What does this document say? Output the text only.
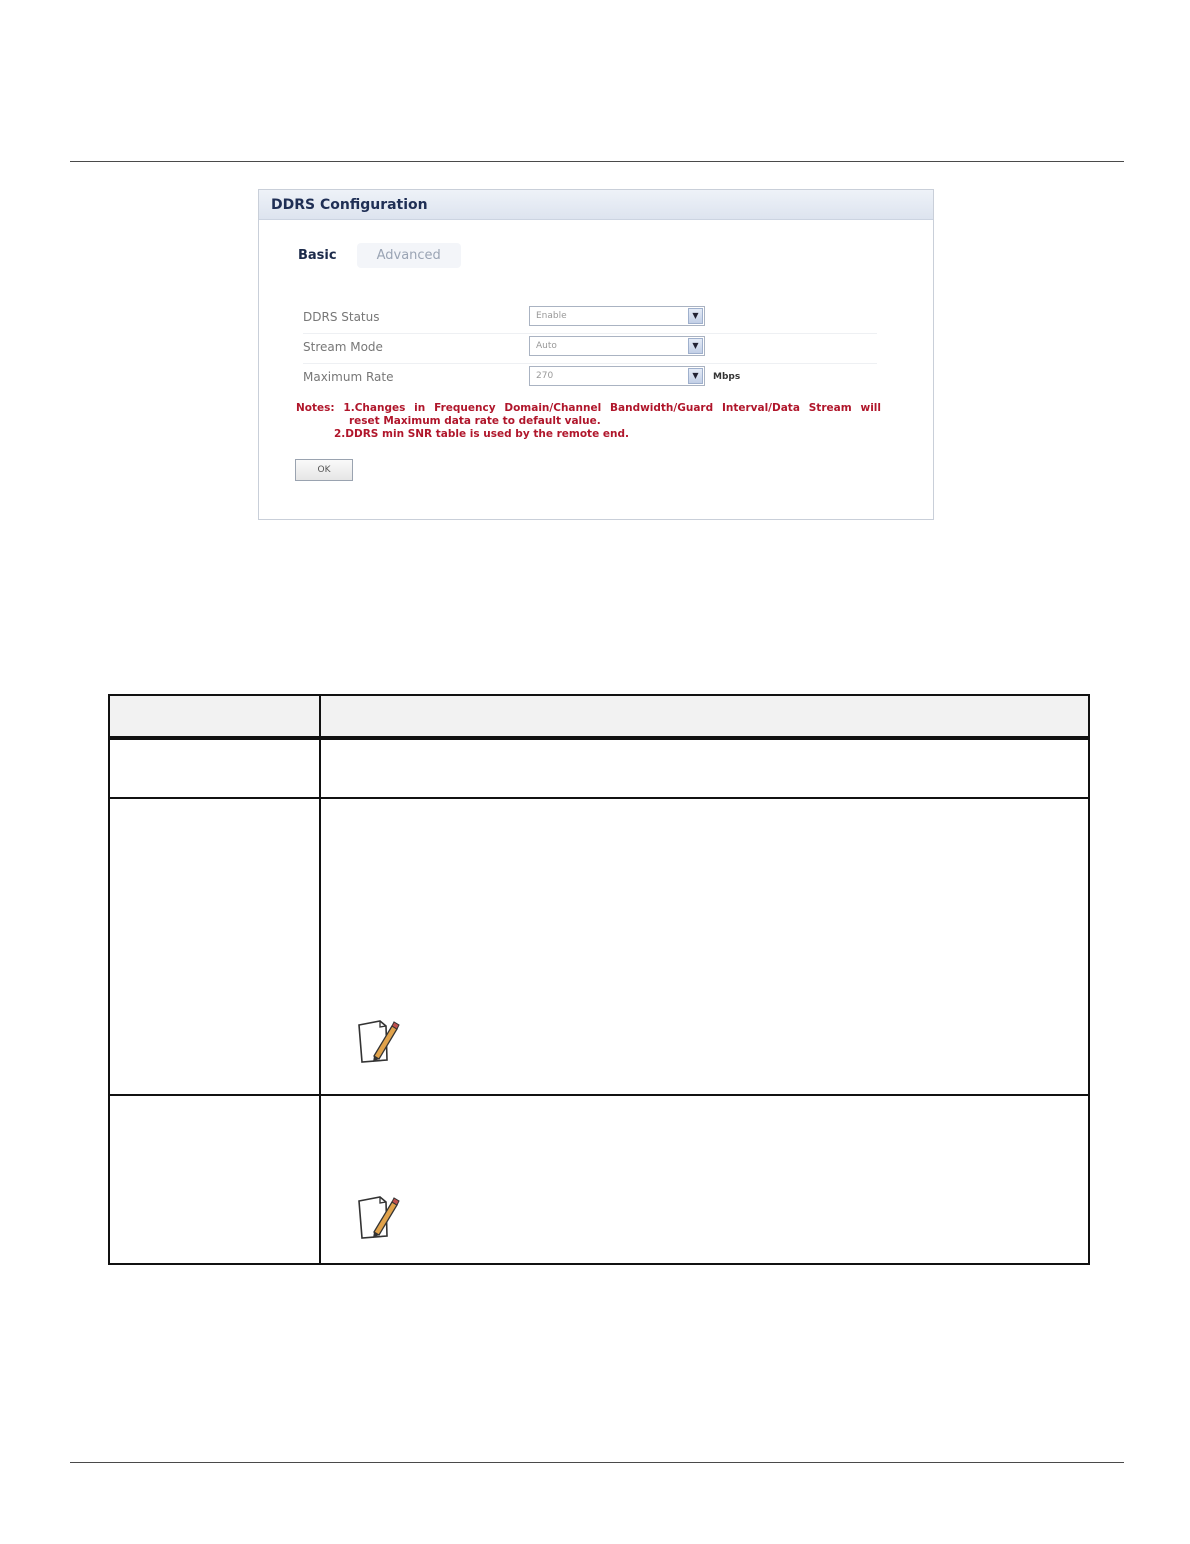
DDRS Configuration
Basic	Advanced
DDRS Status	Enable	▼
Stream Mode	Auto	▼
Maximum Rate	270	▼	Mbps
Notes: 1.Changes in Frequency Domain/Channel Bandwidth/Guard Interval/Data Stream will
reset Maximum data rate to default value.
2.DDRS min SNR table is used by the remote end.
OK
